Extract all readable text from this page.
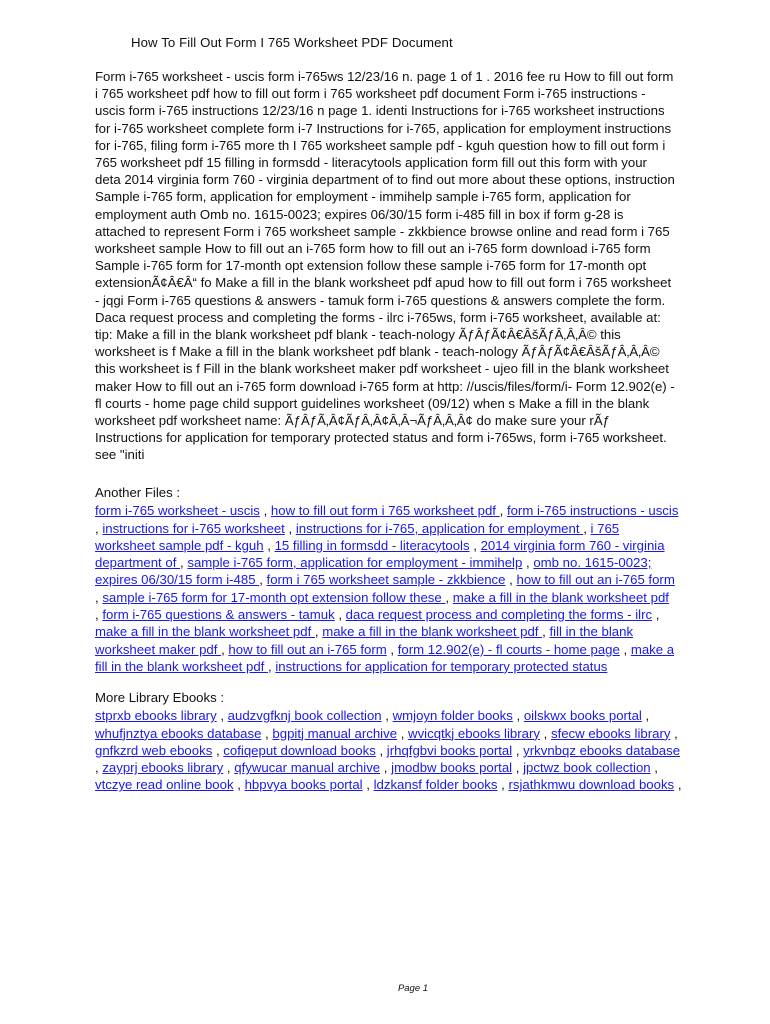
How To Fill Out Form I 765 Worksheet PDF Document

Form i-765 worksheet - uscis form i-765ws 12/23/16 n. page 1 of 1 . 2016 fee ru How to fill out form
i 765 worksheet pdf how to fill out form i 765 worksheet pdf document Form i-765 instructions -
uscis form i-765 instructions 12/23/16 n page 1. identi Instructions for i-765 worksheet instructions
for i-765 worksheet complete form i-7 Instructions for i-765, application for employment instructions
for i-765, filing form i-765 more th I 765 worksheet sample pdf - kguh question how to fill out form i
765 worksheet pdf 15 filling in formsdd - literacytools application form fill out this form with your
deta 2014 virginia form 760 - virginia department of to find out more about these options, instruction
Sample i-765 form, application for employment - immihelp sample i-765 form, application for
employment auth Omb no. 1615-0023; expires 06/30/15 form i-485 fill in box if form g-28 is
attached to represent Form i 765 worksheet sample - zkkbience browse online and read form i 765
worksheet sample How to fill out an i-765 form how to fill out an i-765 form download i-765 form
Sample i-765 form for 17-month opt extension follow these sample i-765 form for 17-month opt
extensionÃ¢Â€Â“ fo Make a fill in the blank worksheet pdf apud how to fill out form i 765 worksheet
- jqgi Form i-765 questions & answers - tamuk form i-765 questions & answers complete the form.
Daca request process and completing the forms - ilrc i-765ws, form i-765 worksheet, available at:
tip: Make a fill in the blank worksheet pdf blank - teach-nology ÃƒÂƒÃ¢Â€ÂšÃƒÂ‚Â‚Â© this
worksheet is f Make a fill in the blank worksheet pdf blank - teach-nology ÃƒÂƒÃ¢Â€ÂšÃƒÂ‚Â‚Â©
this worksheet is f Fill in the blank worksheet maker pdf worksheet - ujeo fill in the blank worksheet
maker How to fill out an i-765 form download i-765 form at http: //uscis/files/form/i- Form 12.902(e) -
fl courts - home page child support guidelines worksheet (09/12) when s Make a fill in the blank
worksheet pdf worksheet name: ÃƒÂƒÃ‚Â¢ÃƒÂ‚Â¢Â‚Â¬ÃƒÂ‚Â‚Â¢ do make sure your rÃƒ
Instructions for application for temporary protected status and form i-765ws, form i-765 worksheet.
see "initi

Another Files :
form i-765 worksheet - uscis , how to fill out form i 765 worksheet pdf , form i-765 instructions - uscis
, instructions for i-765 worksheet , instructions for i-765, application for employment , i 765
worksheet sample pdf - kguh , 15 filling in formsdd - literacytools , 2014 virginia form 760 - virginia
department of , sample i-765 form, application for employment - immihelp , omb no. 1615-0023;
expires 06/30/15 form i-485 , form i 765 worksheet sample - zkkbience , how to fill out an i-765 form
, sample i-765 form for 17-month opt extension follow these , make a fill in the blank worksheet pdf
, form i-765 questions & answers - tamuk , daca request process and completing the forms - ilrc ,
make a fill in the blank worksheet pdf , make a fill in the blank worksheet pdf , fill in the blank
worksheet maker pdf , how to fill out an i-765 form , form 12.902(e) - fl courts - home page , make a
fill in the blank worksheet pdf , instructions for application for temporary protected status
More Library Ebooks :
stprxb ebooks library , audzvgfknj book collection , wmjoyn folder books , oilskwx books portal ,
whufjnztya ebooks database , bgpitj manual archive , wvicqtkj ebooks library , sfecw ebooks library ,
gnfkzrd web ebooks , cofiqeput download books , jrhqfgbvi books portal , yrkvnbqz ebooks database
, zayprj ebooks library , qfywucar manual archive , jmodbw books portal , jpctwz book collection ,
vtczye read online book , hbpvya books portal , ldzkansf folder books , rsjathkmwu download books ,
Page 1
